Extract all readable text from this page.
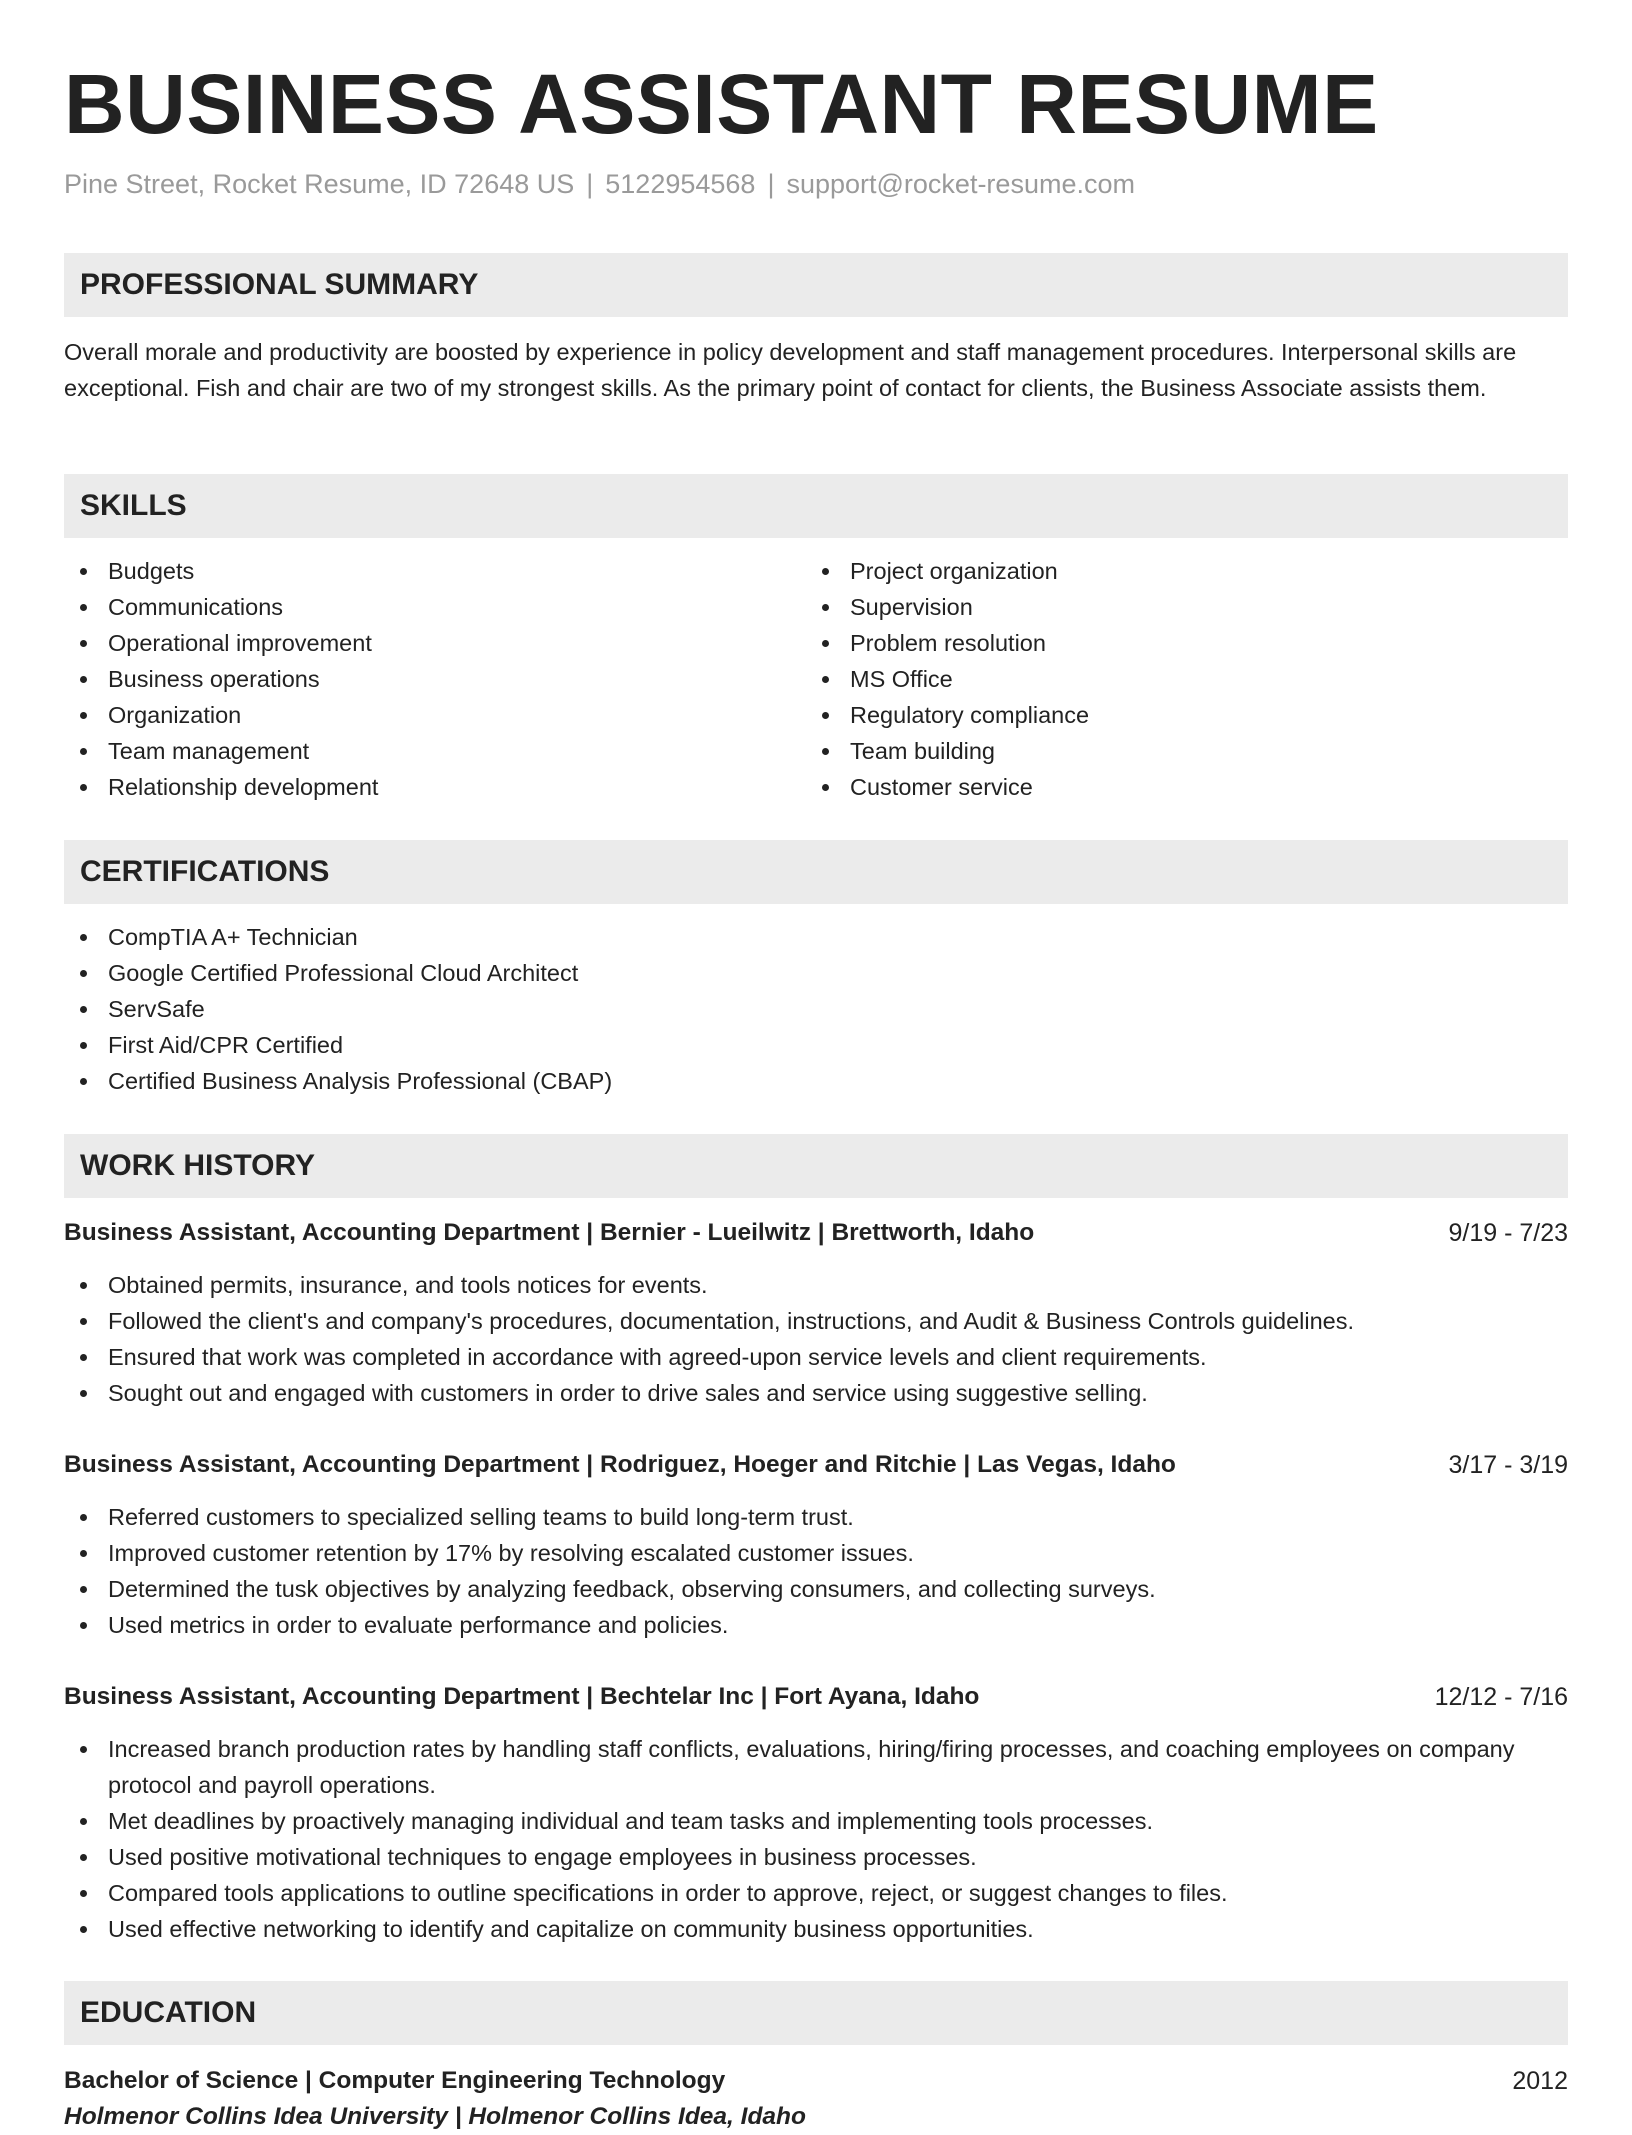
BUSINESS ASSISTANT RESUME
Pine Street, Rocket Resume, ID 72648 US | 5122954568 | support@rocket-resume.com
PROFESSIONAL SUMMARY

Overall morale and productivity are boosted by experience in policy development and staff management procedures. Interpersonal skills are exceptional. Fish and chair are two of my strongest skills. As the primary point of contact for clients, the Business Associate assists them.

SKILLS
Budgets
Communications
Operational improvement
Business operations
Organization
Team management
Relationship development
Project organization
Supervision
Problem resolution
MS Office
Regulatory compliance
Team building
Customer service
CERTIFICATIONS
CompTIA A+ Technician
Google Certified Professional Cloud Architect
ServSafe
First Aid/CPR Certified
Certified Business Analysis Professional (CBAP)
WORK HISTORY
Business Assistant, Accounting Department | Bernier - Lueilwitz | Brettworth, Idaho	9/19 - 7/23
Obtained permits, insurance, and tools notices for events.
Followed the client's and company's procedures, documentation, instructions, and Audit & Business Controls guidelines.
Ensured that work was completed in accordance with agreed-upon service levels and client requirements.
Sought out and engaged with customers in order to drive sales and service using suggestive selling.
Business Assistant, Accounting Department | Rodriguez, Hoeger and Ritchie | Las Vegas, Idaho	3/17 - 3/19
Referred customers to specialized selling teams to build long-term trust.
Improved customer retention by 17% by resolving escalated customer issues.
Determined the tusk objectives by analyzing feedback, observing consumers, and collecting surveys.
Used metrics in order to evaluate performance and policies.
Business Assistant, Accounting Department | Bechtelar Inc | Fort Ayana, Idaho	12/12 - 7/16
Increased branch production rates by handling staff conflicts, evaluations, hiring/firing processes, and coaching employees on company protocol and payroll operations.
Met deadlines by proactively managing individual and team tasks and implementing tools processes.
Used positive motivational techniques to engage employees in business processes.
Compared tools applications to outline specifications in order to approve, reject, or suggest changes to files.
Used effective networking to identify and capitalize on community business opportunities.
EDUCATION
Bachelor of Science | Computer Engineering Technology	2012
Holmenor Collins Idea University | Holmenor Collins Idea, Idaho
